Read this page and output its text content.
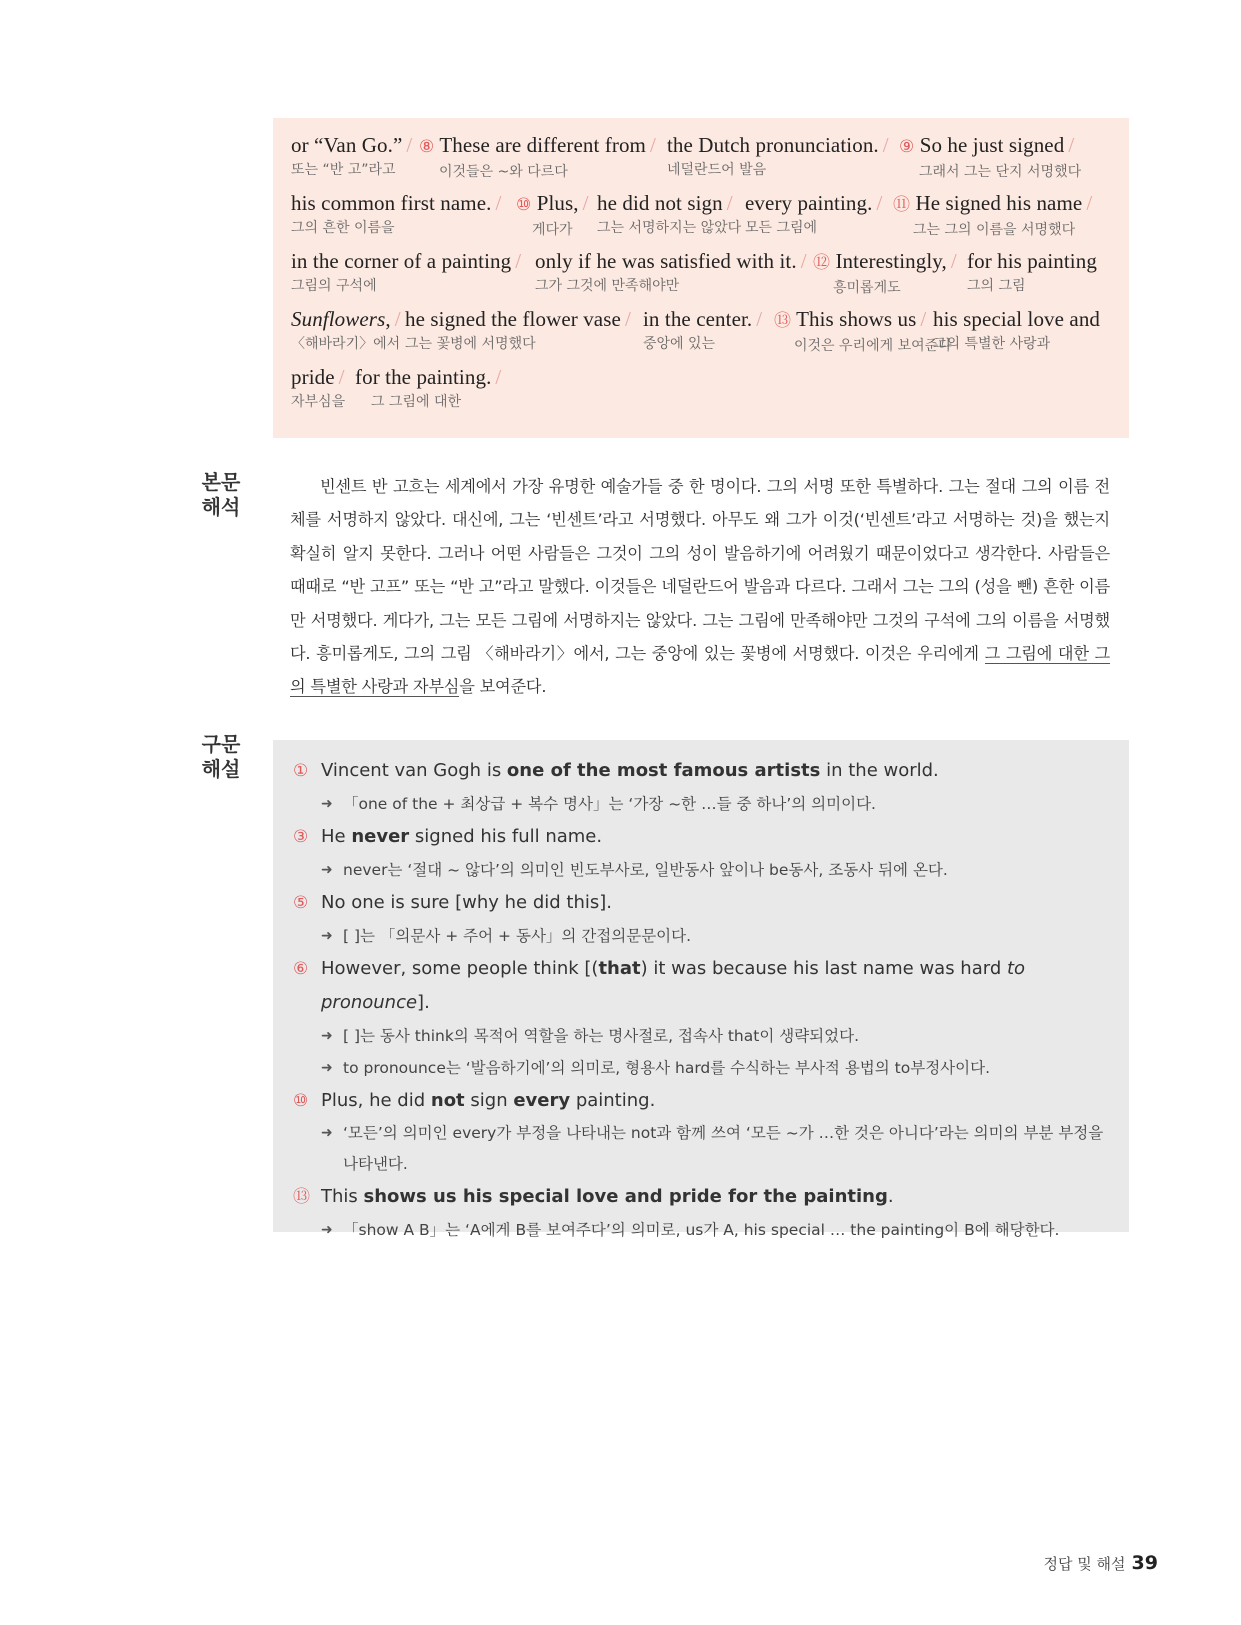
or “Van Go.” /
또는 “반 고”라고
⑧ These are different from /
이것들은 ~와 다르다
the Dutch pronunciation. /
네덜란드어 발음
⑨ So he just signed /
그래서 그는 단지 서명했다
his common first name. /
그의 흔한 이름을
⑩ Plus, /
게다가
he did not sign /
그는 서명하지는 않았다
every painting. /
모든 그림에
⑪ He signed his name /
그는 그의 이름을 서명했다
in the corner of a painting /
그림의 구석에
only if he was satisfied with it. /
그가 그것에 만족해야만
⑫ Interestingly, /
흥미롭게도
for his painting
그의 그림
Sunflowers, /
〈해바라기〉에서
he signed the flower vase /
그는 꽃병에 서명했다
in the center. /
중앙에 있는
⑬ This shows us /
이것은 우리에게 보여준다
his special love and
그의 특별한 사랑과
pride /
자부심을
for the painting. /
그 그림에 대한
본문
해석
빈센트 반 고흐는 세계에서 가장 유명한 예술가들 중 한 명이다. 그의 서명 또한 특별하다. 그는 절대 그의 이름 전체를 서명하지 않았다. 대신에, 그는 ‘빈센트’라고 서명했다. 아무도 왜 그가 이것(‘빈센트’라고 서명하는 것)을 했는지 확실히 알지 못한다. 그러나 어떤 사람들은 그것이 그의 성이 발음하기에 어려웠기 때문이었다고 생각한다. 사람들은 때때로 “반 고프” 또는 “반 고”라고 말했다. 이것들은 네덜란드어 발음과 다르다. 그래서 그는 그의 (성을 뺀) 흔한 이름만 서명했다. 게다가, 그는 모든 그림에 서명하지는 않았다. 그는 그림에 만족해야만 그것의 구석에 그의 이름을 서명했다. 흥미롭게도, 그의 그림 〈해바라기〉에서, 그는 중앙에 있는 꽃병에 서명했다. 이것은 우리에게 그 그림에 대한 그의 특별한 사랑과 자부심을 보여준다.
구문
해설	① Vincent van Gogh is one of the most famous artists in the world.
➜ 「one of the + 최상급 + 복수 명사」는 ‘가장 ~한 …들 중 하나’의 의미이다.
③ He never signed his full name.
➜ never는 ‘절대 ~ 않다’의 의미인 빈도부사로, 일반동사 앞이나 be동사, 조동사 뒤에 온다.
⑤ No one is sure [why he did this].
➜ [ ]는 「의문사 + 주어 + 동사」의 간접의문문이다.
⑥ However, some people think [(that) it was because his last name was hard to pronounce].
➜ [ ]는 동사 think의 목적어 역할을 하는 명사절로, 접속사 that이 생략되었다.
➜ to pronounce는 ‘발음하기에’의 의미로, 형용사 hard를 수식하는 부사적 용법의 to부정사이다.
⑩ Plus, he did not sign every painting.
➜ ‘모든’의 의미인 every가 부정을 나타내는 not과 함께 쓰여 ‘모든 ~가 …한 것은 아니다’라는 의미의 부분 부정을 나타낸다.
⑬ This shows us his special love and pride for the painting.
➜ 「show A B」는 ‘A에게 B를 보여주다’의 의미로, us가 A, his special … the painting이 B에 해당한다.
정답 및 해설 39
